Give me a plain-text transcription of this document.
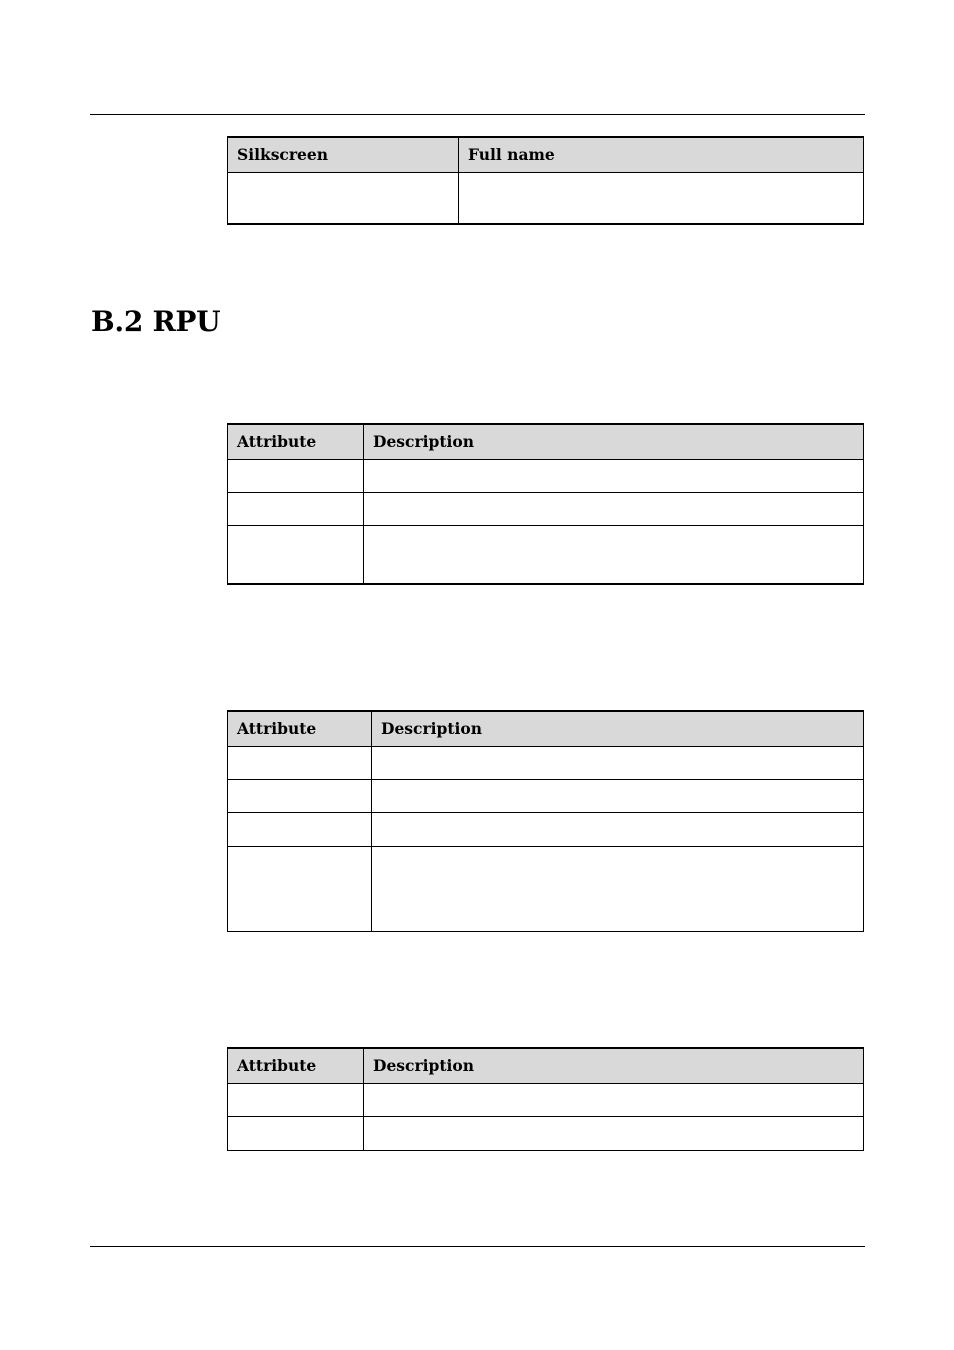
Silkscreen	Full name

B.2 RPU
Attribute	Description

Attribute	Description

Attribute	Description
